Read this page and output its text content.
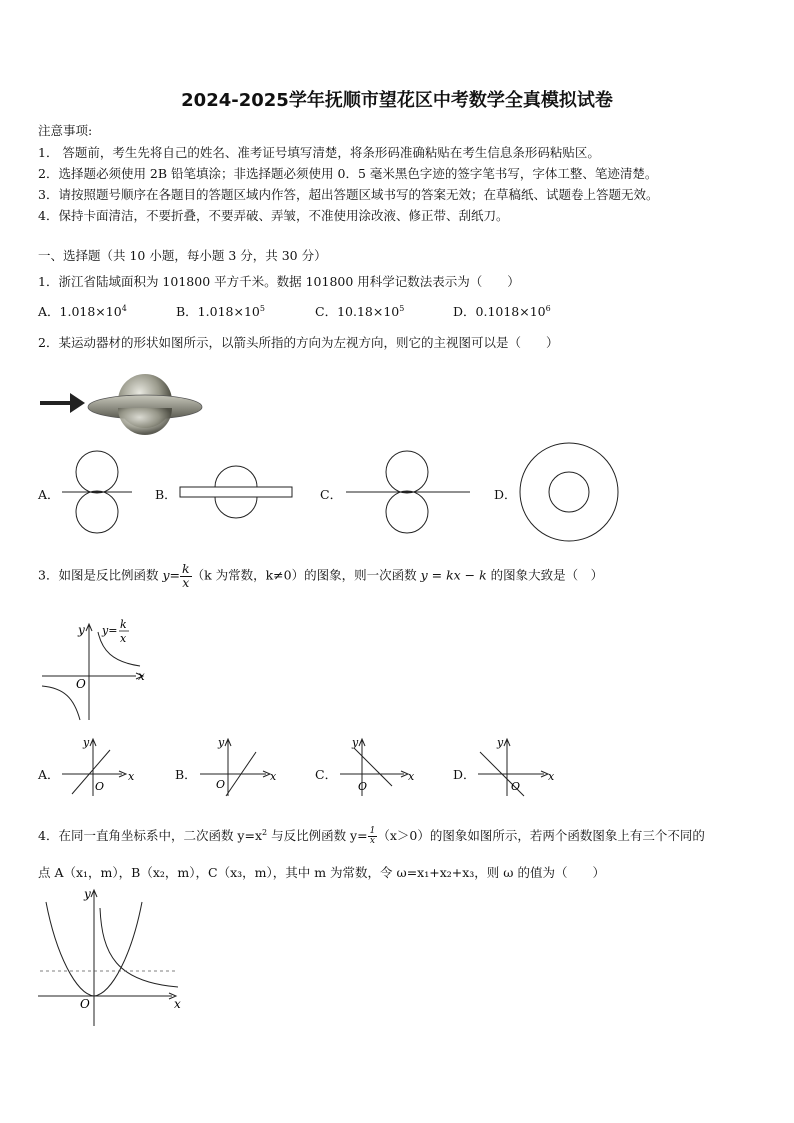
2024-2025学年抚顺市望花区中考数学全真模拟试卷
注意事项:
1． 答题前，考生先将自己的姓名、准考证号填写清楚，将条形码准确粘贴在考生信息条形码粘贴区。
2．选择题必须使用 2B 铅笔填涂；非选择题必须使用 0．5 毫米黑色字迹的签字笔书写，字体工整、笔迹清楚。
3．请按照题号顺序在各题目的答题区域内作答，超出答题区域书写的答案无效；在草稿纸、试题卷上答题无效。
4．保持卡面清洁，不要折叠，不要弄破、弄皱，不准使用涂改液、修正带、刮纸刀。
一、选择题（共 10 小题，每小题 3 分，共 30 分）
1．浙江省陆域面积为 101800 平方千米。数据 101800 用科学记数法表示为（　　）
A．$1.018\times 10^4$	B．$1.018\times 10^5$	C．$10.18\times 10^5$	D．$0.1018\times 10^6$
2．某运动器材的形状如图所示，以箭头所指的方向为左视方向，则它的主视图可以是（　　）
A．	B．	C．	D．
3．如图是反比例函数 $y= \frac{k}{x} (k$ 为常数，k≠0）的图象，则一次函数 y = kx − k 的图象大致是（　）
y
x
O
y= k
x
A．
y
x
O
B．
y
x
O
C．
y
x
O
D．
y
x
O
4．在同一直角坐标系中，二次函数 $y=x^2$ 与反比例函数 $y= \frac{1}{x} (x>0)$的图象如图所示，若两个函数图象上有三个不同的
点 A（x₁，m），B（x₂，m），C（x₃，m），其中 m 为常数，令 ω=x₁+x₂+x₃，则 ω 的值为（　　）
y
x
O
